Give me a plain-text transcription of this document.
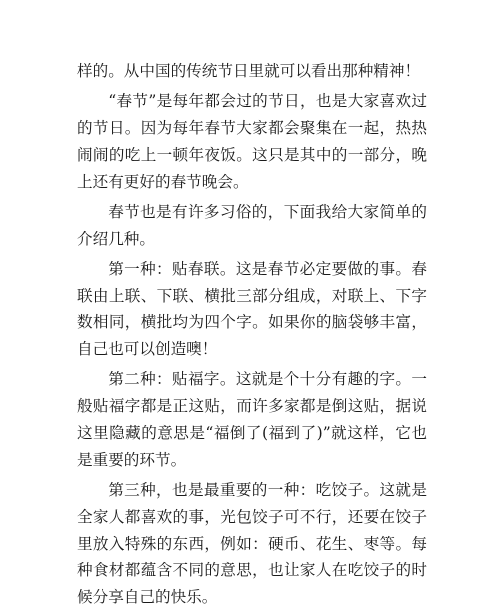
样的。从中国的传统节日里就可以看出那种精神！

“春节”是每年都会过的节日，也是大家喜欢过的节日。因为每年春节大家都会聚集在一起，热热闹闹的吃上一顿年夜饭。这只是其中的一部分，晚上还有更好的春节晚会。

春节也是有许多习俗的，下面我给大家简单的介绍几种。

第一种：贴春联。这是春节必定要做的事。春联由上联、下联、横批三部分组成，对联上、下字数相同，横批均为四个字。如果你的脑袋够丰富，自己也可以创造噢！

第二种：贴福字。这就是个十分有趣的字。一般贴福字都是正这贴，而许多家都是倒这贴，据说这里隐藏的意思是“福倒了(福到了)”就这样，它也是重要的环节。

第三种，也是最重要的一种：吃饺子。这就是全家人都喜欢的事，光包饺子可不行，还要在饺子里放入特殊的东西，例如：硬币、花生、枣等。每种食材都蕴含不同的意思，也让家人在吃饺子的时候分享自己的快乐。
